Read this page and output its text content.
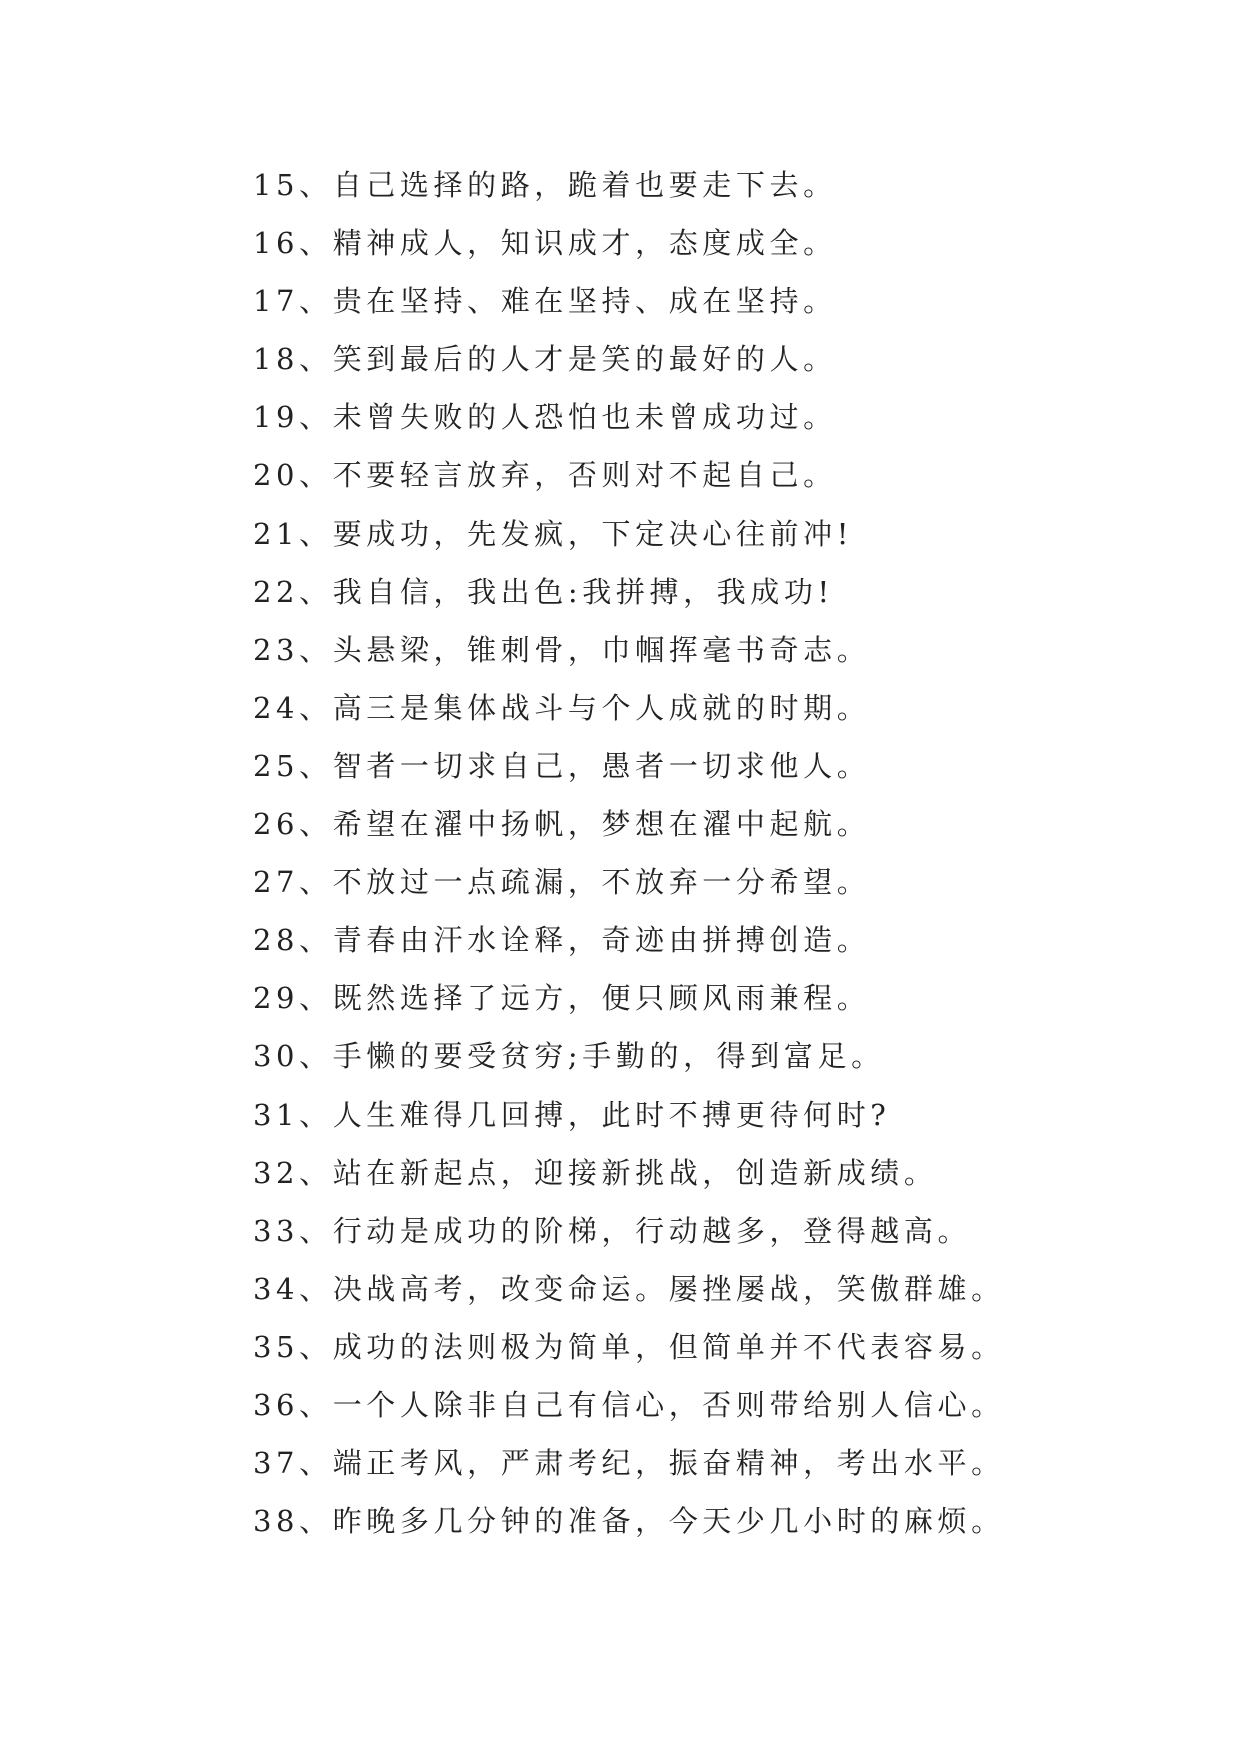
15、自己选择的路，跪着也要走下去。
16、精神成人，知识成才，态度成全。
17、贵在坚持、难在坚持、成在坚持。
18、笑到最后的人才是笑的最好的人。
19、未曾失败的人恐怕也未曾成功过。
20、不要轻言放弃，否则对不起自己。
21、要成功，先发疯，下定决心往前冲!
22、我自信，我出色:我拼搏，我成功!
23、头悬梁，锥刺骨，巾帼挥毫书奇志。
24、高三是集体战斗与个人成就的时期。
25、智者一切求自己，愚者一切求他人。
26、希望在濯中扬帆，梦想在濯中起航。
27、不放过一点疏漏，不放弃一分希望。
28、青春由汗水诠释，奇迹由拼搏创造。
29、既然选择了远方，便只顾风雨兼程。
30、手懒的要受贫穷;手勤的，得到富足。
31、人生难得几回搏，此时不搏更待何时?
32、站在新起点，迎接新挑战，创造新成绩。
33、行动是成功的阶梯，行动越多，登得越高。
34、决战高考，改变命运。屡挫屡战，笑傲群雄。
35、成功的法则极为简单，但简单并不代表容易。
36、一个人除非自己有信心，否则带给别人信心。
37、端正考风，严肃考纪，振奋精神，考出水平。
38、昨晚多几分钟的准备，今天少几小时的麻烦。
